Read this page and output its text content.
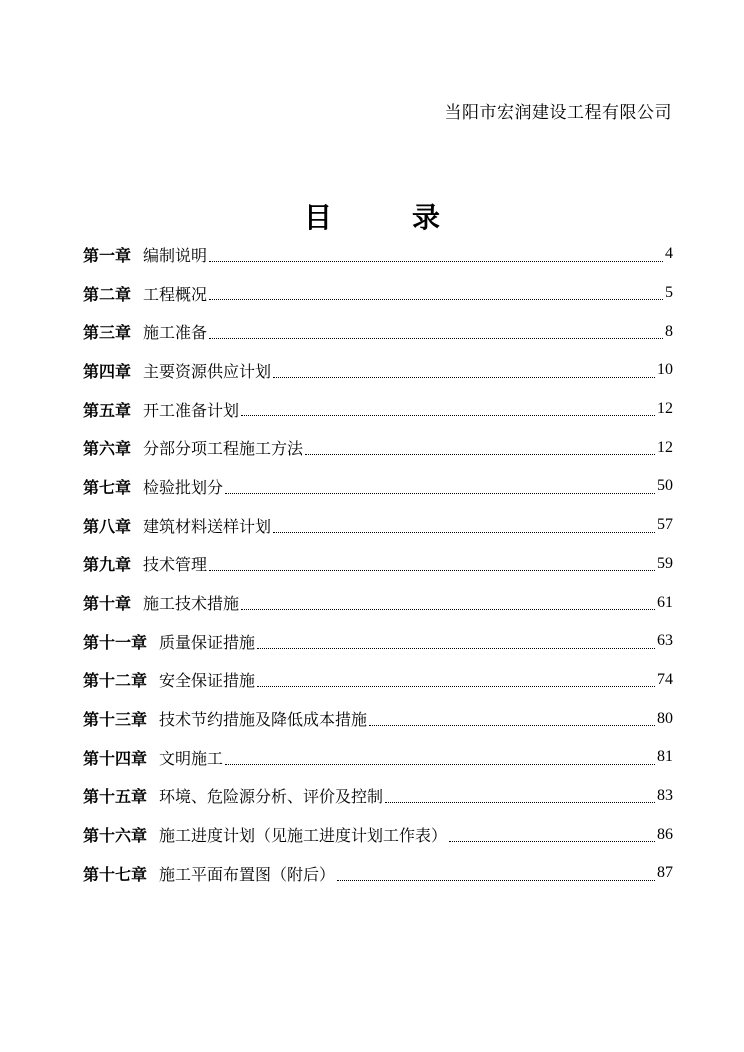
当阳市宏润建设工程有限公司
目	录
第一章 编制说明	4
第二章 工程概况	5
第三章 施工准备	8
第四章 主要资源供应计划	10
第五章 开工准备计划	12
第六章 分部分项工程施工方法	12
第七章 检验批划分	50
第八章 建筑材料送样计划	57
第九章 技术管理	59
第十章 施工技术措施	61
第十一章 质量保证措施	63
第十二章 安全保证措施	74
第十三章 技术节约措施及降低成本措施	80
第十四章 文明施工	81
第十五章 环境、危险源分析、评价及控制	83
第十六章 施工进度计划（见施工进度计划工作表）	86
第十七章 施工平面布置图（附后）	87
